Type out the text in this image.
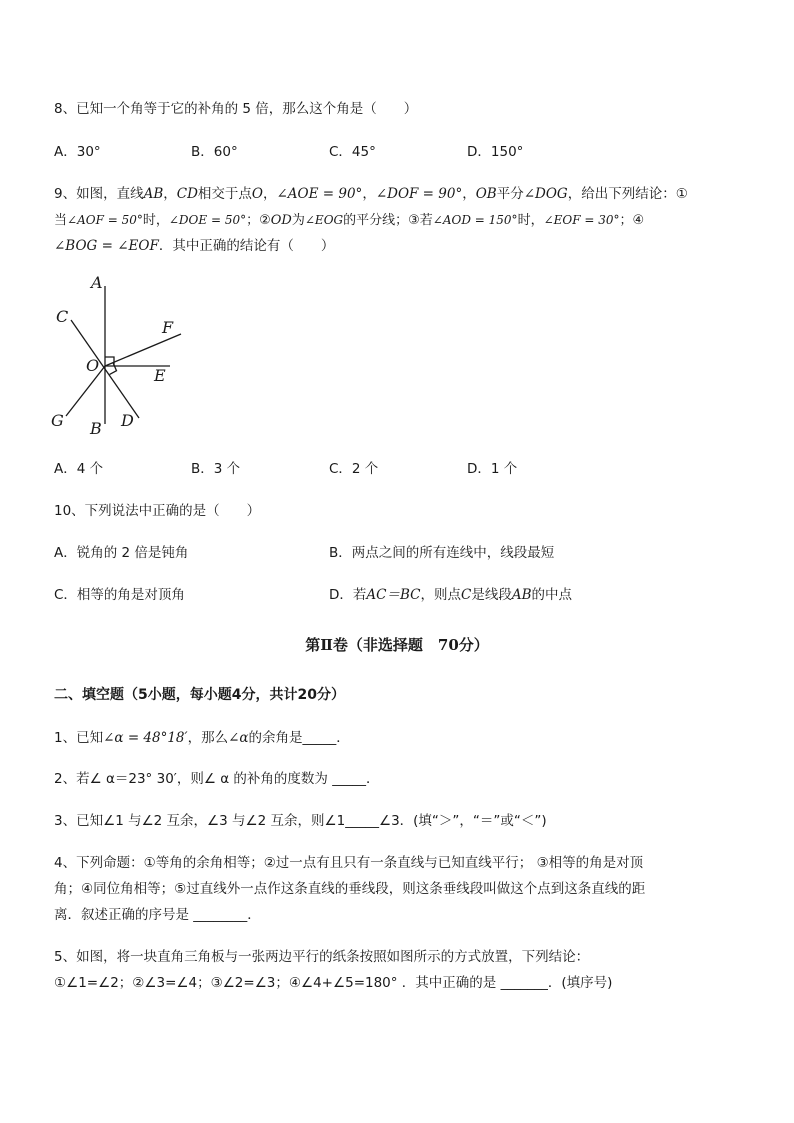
8、已知一个角等于它的补角的 5 倍，那么这个角是（　　）
A．30°	B．60°	C．45°	D．150°
9、如图，直线AB，CD相交于点O，∠AOE = 90°，∠DOF = 90°，OB平分∠DOG，给出下列结论：①
当∠AOF = 50°时，∠DOE = 50°；②OD为∠EOG的平分线；③若∠AOD = 150°时，∠EOF = 30°；④
∠BOG = ∠EOF．其中正确的结论有（　　）
A
C
F
O
E
G B D
A．4 个	B．3 个	C．2 个	D．1 个
10、下列说法中正确的是（　　）
A．锐角的 2 倍是钝角	B．两点之间的所有连线中，线段最短
C．相等的角是对顶角	D．若AC＝BC，则点C是线段AB的中点
第Ⅱ卷（非选择题　70分）
二、填空题（5小题，每小题4分，共计20分）
1、已知∠α = 48°18′，那么∠α的余角是_____．
2、若∠ α＝23° 30′，则∠ α 的补角的度数为 _____．
3、已知∠1 与∠2 互余，∠3 与∠2 互余，则∠1_____∠3．(填“＞”，“＝”或“＜”)
4、下列命题：①等角的余角相等；②过一点有且只有一条直线与已知直线平行； ③相等的角是对顶
角；④同位角相等；⑤过直线外一点作这条直线的垂线段，则这条垂线段叫做这个点到这条直线的距
离．叙述正确的序号是 ________．
5、如图，将一块直角三角板与一张两边平行的纸条按照如图所示的方式放置，下列结论：
①∠1=∠2；②∠3=∠4；③∠2=∠3；④∠4+∠5=180° ．其中正确的是 _______．(填序号)
